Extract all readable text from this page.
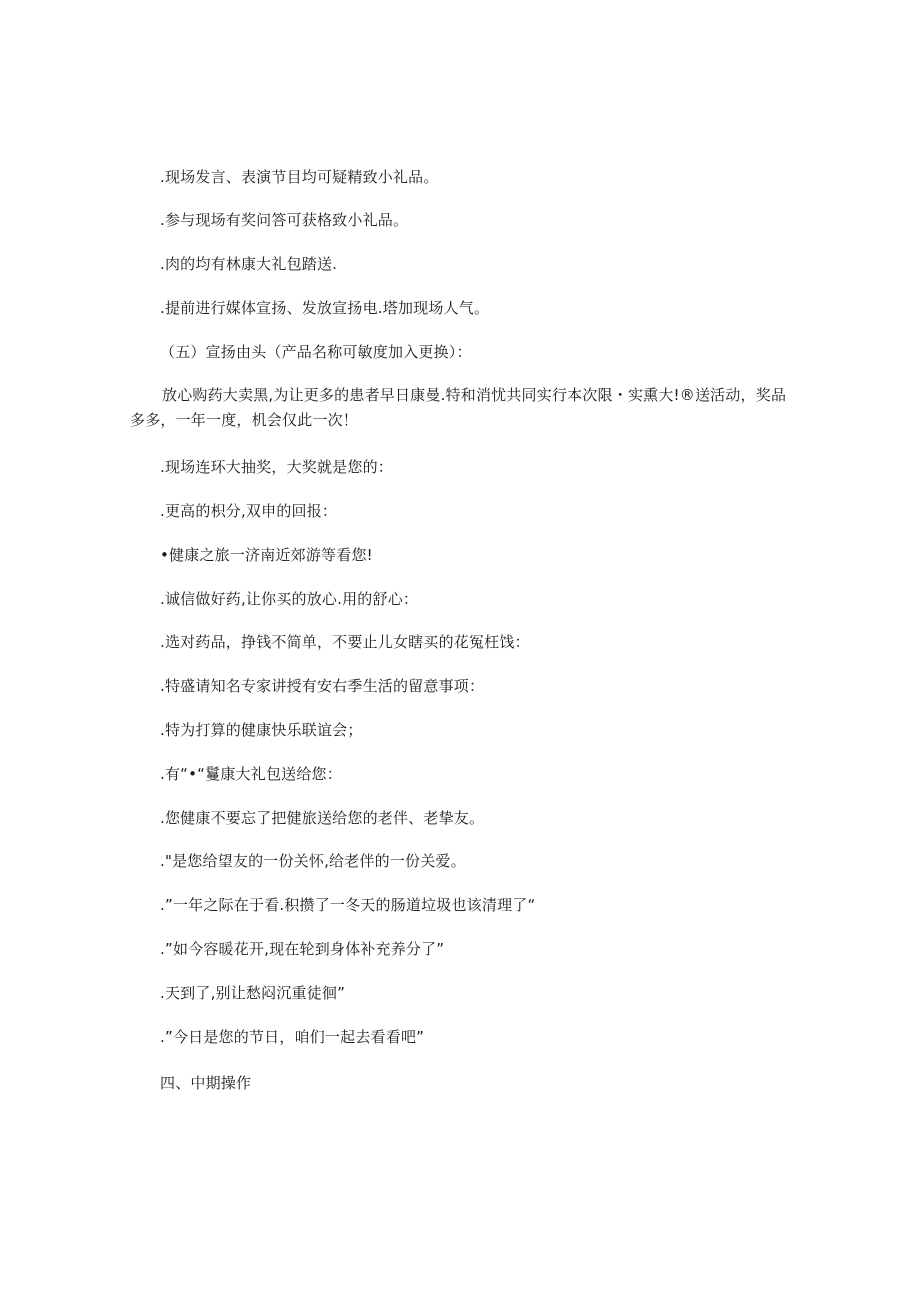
.现场发言、表演节目均可疑精致小礼品。
.参与现场有奖问答可获格致小礼品。
.肉的均有林康大礼包踏送.
.提前进行媒体宣扬、发放宣扬电.塔加现场人气。
（五）宣扬由头（产品名称可敏度加入更换）：
放心购药大卖黑,为让更多的患者早日康曼.特和消忧共同实行本次限・实熏大!®送活动，奖品多多，一年一度，机会仅此一次！
.现场连环大抽奖，大奖就是您的：
.更高的枳分,双申的回报：
•健康之旅一济南近郊游等看您!
.诚信做好药,让你买的放心.用的舒心：
.选对药品，挣钱不简单，不要止儿女瞎买的花冤枉饯：
.特盛请知名专家讲授有安右季生活的留意事项：
.特为打算的健康快乐联谊会；
.有“•“鬘康大礼包送给您：
.您健康不要忘了把健旅送给您的老伴、老挚友。
."是您给望友的一份关怀,给老伴的一份关爱。
.”一年之际在于看.积攒了一冬天的肠道垃圾也该清理了“
.”如今容暖花开,现在轮到身体补充养分了”
.天到了,别让愁闷沉重徒徊”
.”今日是您的节日，咱们一起去看看吧”
四、中期操作
